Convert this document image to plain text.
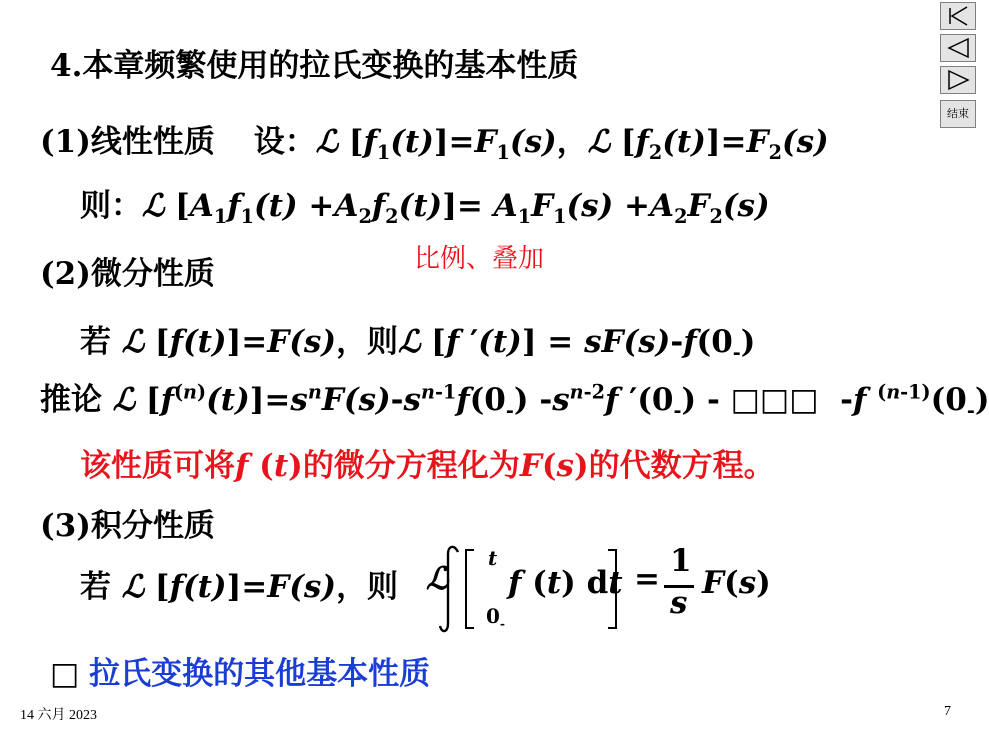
结束
4.本章频繁使用的拉氏变换的基本性质
(1)线性性质 设：ℒ $[f_1(t)]=F_1(s)$，ℒ $[f_2(t)]=F_2(s)$
则：ℒ $[A_1f_1(t) +A_2f_2(t)]= A_1F_1(s) +A_2F_2(s)$
(2)微分性质	比例、叠加
若 ℒ [f(t)]=F(s)，则ℒ [f $'(t)] = sF(s)-f(0_-)$
推论 ℒ $[f^{(n)}(t)]=s^nF(s)-s^{n-1}f(0_-)$ $-s^{n-2}f$ $'(0_-)$ - □□□  -f $^{(n-1)}(0_-)$
该性质可将f (t)的微分方程化为F(s)的代数方程。
(3)积分性质
若 ℒ [f(t)]=F(s)，则 ℒ
t
$0_-$
f (t) dt = 1
s
F(s)
□ 拉氏变换的其他基本性质
14 六月 2023	7
